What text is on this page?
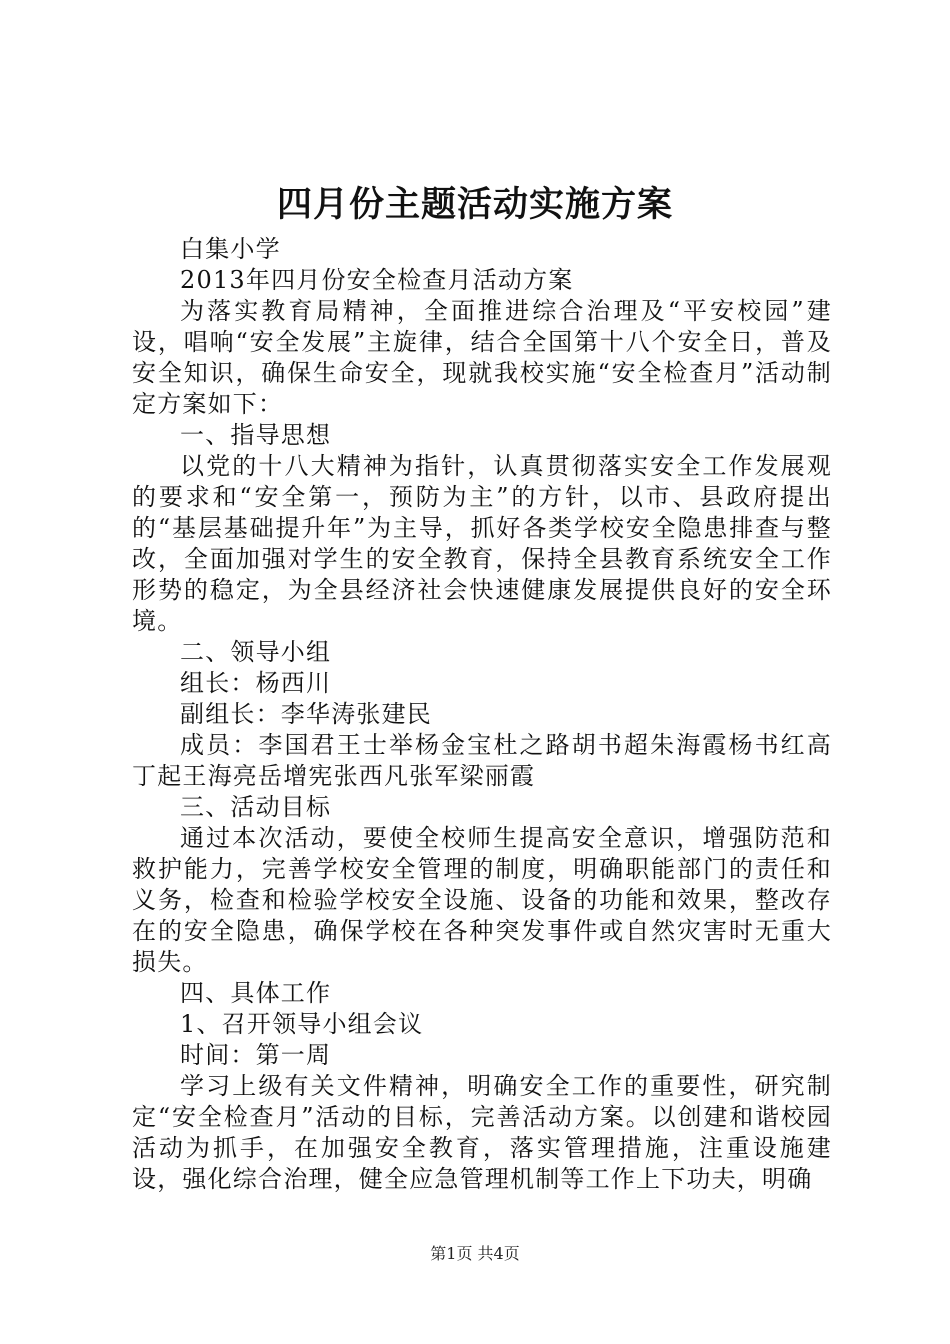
四月份主题活动实施方案

白集小学

2013年四月份安全检查月活动方案

为落实教育局精神，全面推进综合治理及“平安校园”建设，唱响“安全发展”主旋律，结合全国第十八个安全日，普及安全知识，确保生命安全，现就我校实施“安全检查月”活动制定方案如下：

一、指导思想

以党的十八大精神为指针，认真贯彻落实安全工作发展观的要求和“安全第一，预防为主”的方针，以市、县政府提出的“基层基础提升年”为主导，抓好各类学校安全隐患排查与整改，全面加强对学生的安全教育，保持全县教育系统安全工作形势的稳定，为全县经济社会快速健康发展提供良好的安全环境。

二、领导小组

组长：杨西川

副组长：李华涛张建民

成员：李国君王士举杨金宝杜之路胡书超朱海霞杨书红高丁起王海亮岳增宪张西凡张军梁丽霞

三、活动目标

通过本次活动，要使全校师生提高安全意识，增强防范和救护能力，完善学校安全管理的制度，明确职能部门的责任和义务，检查和检验学校安全设施、设备的功能和效果，整改存在的安全隐患，确保学校在各种突发事件或自然灾害时无重大损失。

四、具体工作

1、召开领导小组会议

时间：第一周

学习上级有关文件精神，明确安全工作的重要性，研究制定“安全检查月”活动的目标，完善活动方案。以创建和谐校园活动为抓手，在加强安全教育，落实管理措施，注重设施建设，强化综合治理，健全应急管理机制等工作上下功夫，明确

第1页 共4页
